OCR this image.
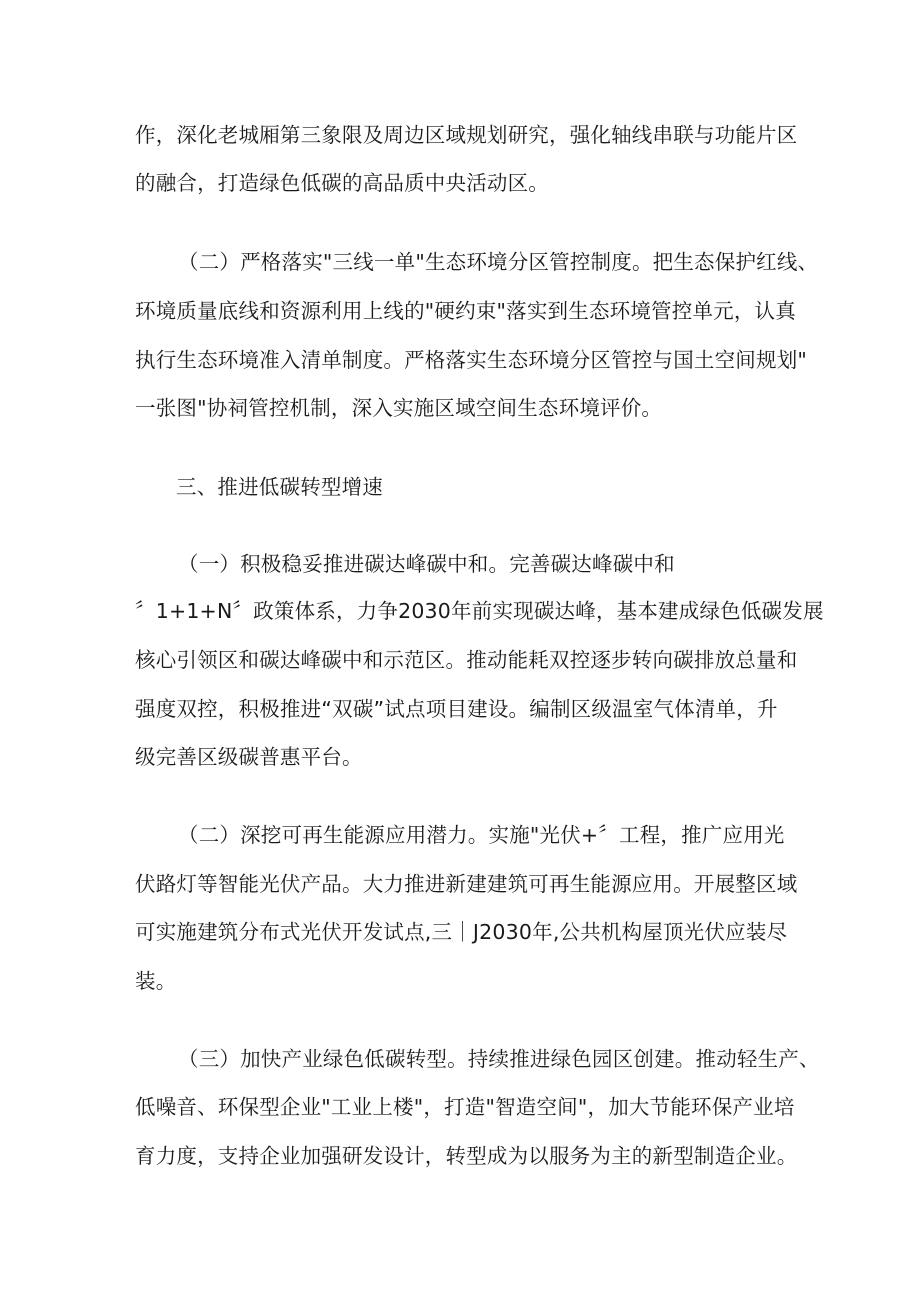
作，深化老城厢第三象限及周边区域规划研究，强化轴线串联与功能片区
的融合，打造绿色低碳的高品质中央活动区。
（二）严格落实"三线一单"生态环境分区管控制度。把生态保护红线、
环境质量底线和资源利用上线的"硬约束"落实到生态环境管控单元，认真
执行生态环境准入清单制度。严格落实生态环境分区管控与国土空间规划"
一张图"协祠管控机制，深入实施区域空间生态环境评价。
三、推进低碳转型增速
（一）积极稳妥推进碳达峰碳中和。完善碳达峰碳中和
〞1+1+N〞政策体系，力争2030年前实现碳达峰，基本建成绿色低碳发展
核心引领区和碳达峰碳中和示范区。推动能耗双控逐步转向碳排放总量和
强度双控，积极推进“双碳”试点项目建设。编制区级温室气体清单，升
级完善区级碳普惠平台。
（二）深挖可再生能源应用潜力。实施"光伏+〞工程，推广应用光
伏路灯等智能光伏产品。大力推进新建建筑可再生能源应用。开展整区域
可实施建筑分布式光伏开发试点,三｜J2030年,公共机构屋顶光伏应装尽
装。
（三）加快产业绿色低碳转型。持续推进绿色园区创建。推动轻生产、
低噪音、环保型企业"工业上楼"，打造"智造空间"，加大节能环保产业培
育力度，支持企业加强研发设计，转型成为以服务为主的新型制造企业。
